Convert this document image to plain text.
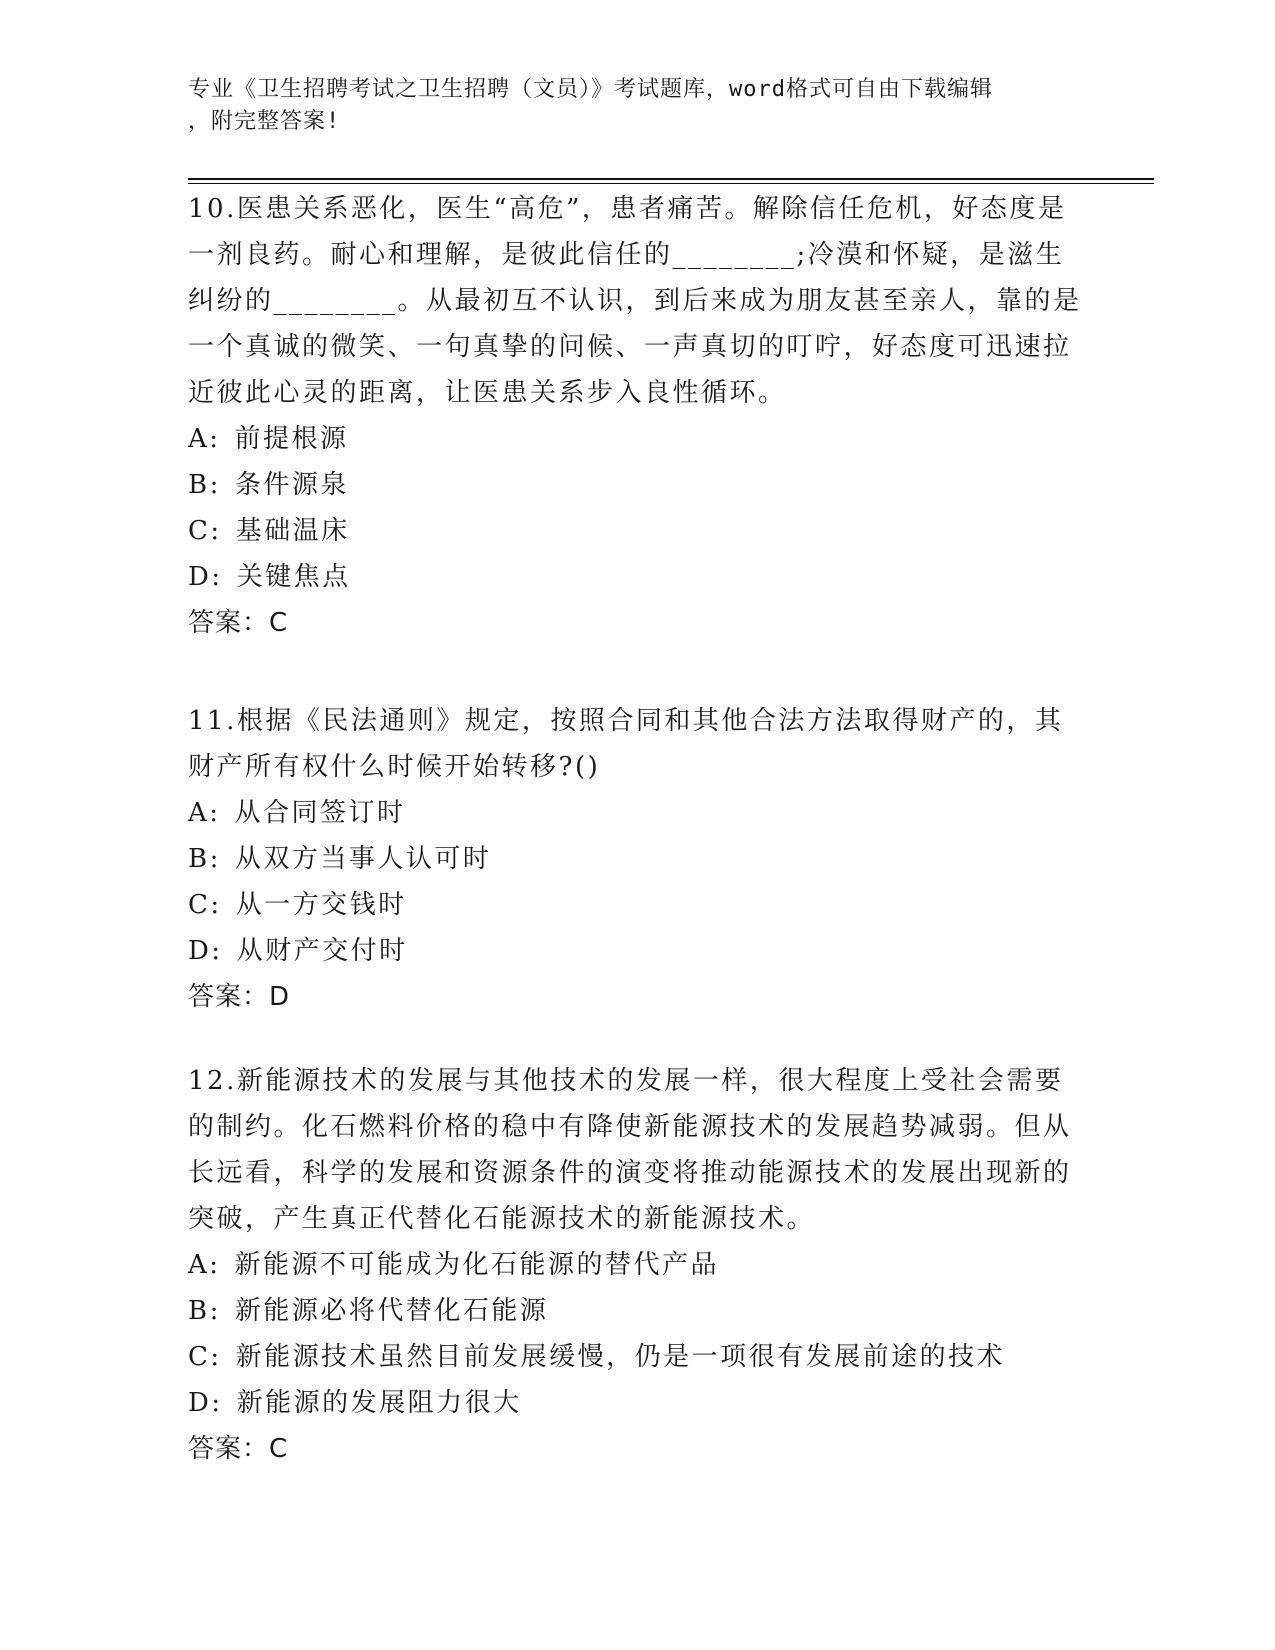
专业《卫生招聘考试之卫生招聘（文员）》考试题库，word格式可自由下载编辑
，附完整答案!

10.医患关系恶化，医生“高危”，患者痛苦。解除信任危机，好态度是一剂良药。耐心和理解，是彼此信任的________;冷漠和怀疑，是滋生纠纷的________。从最初互不认识，到后来成为朋友甚至亲人，靠的是一个真诚的微笑、一句真挚的问候、一声真切的叮咛，好态度可迅速拉近彼此心灵的距离，让医患关系步入良性循环。

A: 前提根源

B: 条件源泉

C: 基础温床

D: 关键焦点

答案：C

11.根据《民法通则》规定，按照合同和其他合法方法取得财产的，其财产所有权什么时候开始转移?()

A: 从合同签订时

B: 从双方当事人认可时

C: 从一方交钱时

D: 从财产交付时

答案：D

12.新能源技术的发展与其他技术的发展一样，很大程度上受社会需要的制约。化石燃料价格的稳中有降使新能源技术的发展趋势减弱。但从长远看，科学的发展和资源条件的演变将推动能源技术的发展出现新的突破，产生真正代替化石能源技术的新能源技术。

A: 新能源不可能成为化石能源的替代产品

B: 新能源必将代替化石能源

C: 新能源技术虽然目前发展缓慢，仍是一项很有发展前途的技术

D: 新能源的发展阻力很大

答案：C
